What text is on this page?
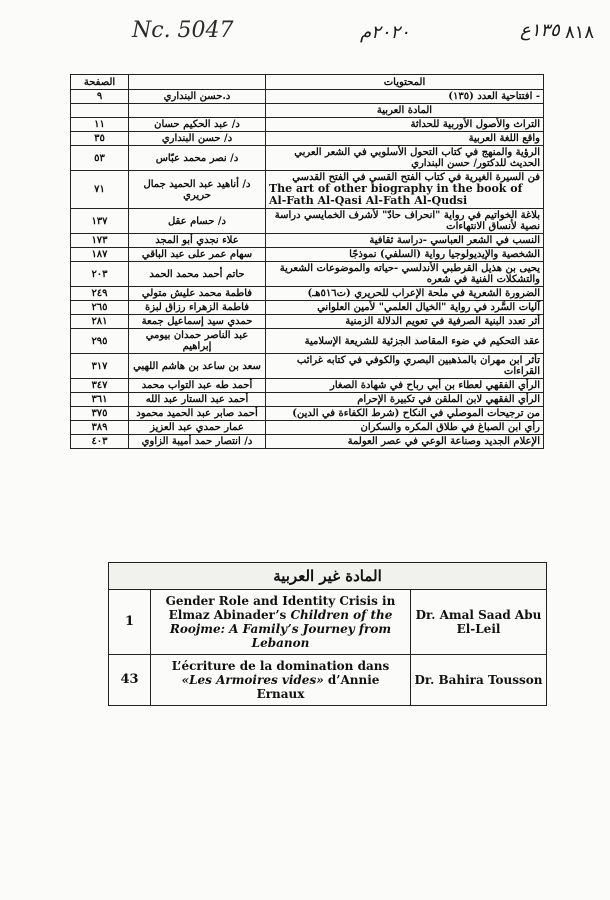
٨١٨
Nc. 5047	٢٠٢٠م	١٣٥ع
المحتويات		الصفحة

- افتتاحية العدد (١٣٥)	د.حسن البنداري	٩

المادة العربية		

التراث والأصول الأوربية للحداثة	د/ عبد الحكيم حسان	١١

واقع اللغة العربية	د/ حسن البنداري	٣٥

الرؤية والمنهج في كتاب التحول الأسلوبي في الشعر العربي الحديث للدكتور/ حسن البنداري	د/ نصر محمد عبّاس	٥٣

فن السيرة الغيرية في كتاب الفتح القسي في الفتح القدسي
The art of other biography in the book of Al-Fath Al-Qasi Al-Fath Al-Qudsi	د/ أناهيد عبد الحميد جمال حريري	٧١

بلاغة الخواتيم في رواية "انحراف حادّ" لأشرف الخمايسي دراسة نصية لأنساق الانتهاءات	د/ حسام عقل	١٣٧

النسب في الشعر العباسي -دراسة ثقافية	علاء نجدي أبو المجد	١٧٣

الشخصية والإيديولوجيا رواية (السلفي) نموذجًا	سهام عمر على عبد الباقي	١٨٧

يحيى بن هذيل القرطبي الأندلسي -حياته والموضوعات الشعرية والتشكلات الفنية في شعره	حاتم أحمد محمد الحمد	٢٠٣

الضرورة الشعرية في ملحة الإعراب للحريري (ت٥١٦هـ)	فاطمة محمد عليش متولي	٢٤٩

آليات السَّرد في رواية "الخيال العلمي" لأمين العلواني	فاطمة الزهراء رزاق لبزة	٢٦٥

أثر تعدد البنية الصرفية في تعويم الدلالة الزمنية	حمدي سيد إسماعيل جمعة	٢٨١

عقد التحكيم في ضوء المقاصد الجزئية للشريعة الإسلامية	عبد الناصر حمدان بيومي إبراهيم	٢٩٥

تأثر ابن مهران بالمذهبين البصري والكوفي في كتابه غرائب القراءات	سعد بن ساعد بن هاشم اللهبي	٣١٧

الرأي الفقهي لعطاء بن أبي رباح في شهادة الصغار	أحمد طه عبد التواب محمد	٣٤٧

الرأي الفقهي لابن الملقن في تكبيرة الإحرام	أحمد عبد الستار عبد الله	٣٦١

من ترجيحات الموصلي في النكاح (شرط الكفاءة في الدين)	أحمد صابر عبد الحميد محمود	٣٧٥

رأي ابن الصباغ في طلاق المكره والسكران	عمار حمدي عبد العزيز	٣٨٩

الإعلام الجديد وصناعة الوعي في عصر العولمة	د/ انتصار حمد أميبة الزاوي	٤٠٣
المادة غير العربية		
1	Gender Role and Identity Crisis in Elmaz Abinader’s Children of the Roojme: A Family’s Journey from Lebanon	Dr. Amal Saad Abu El-Leil
43	L’écriture de la domination dans «Les Armoires vides» d’Annie Ernaux	Dr. Bahira Tousson
